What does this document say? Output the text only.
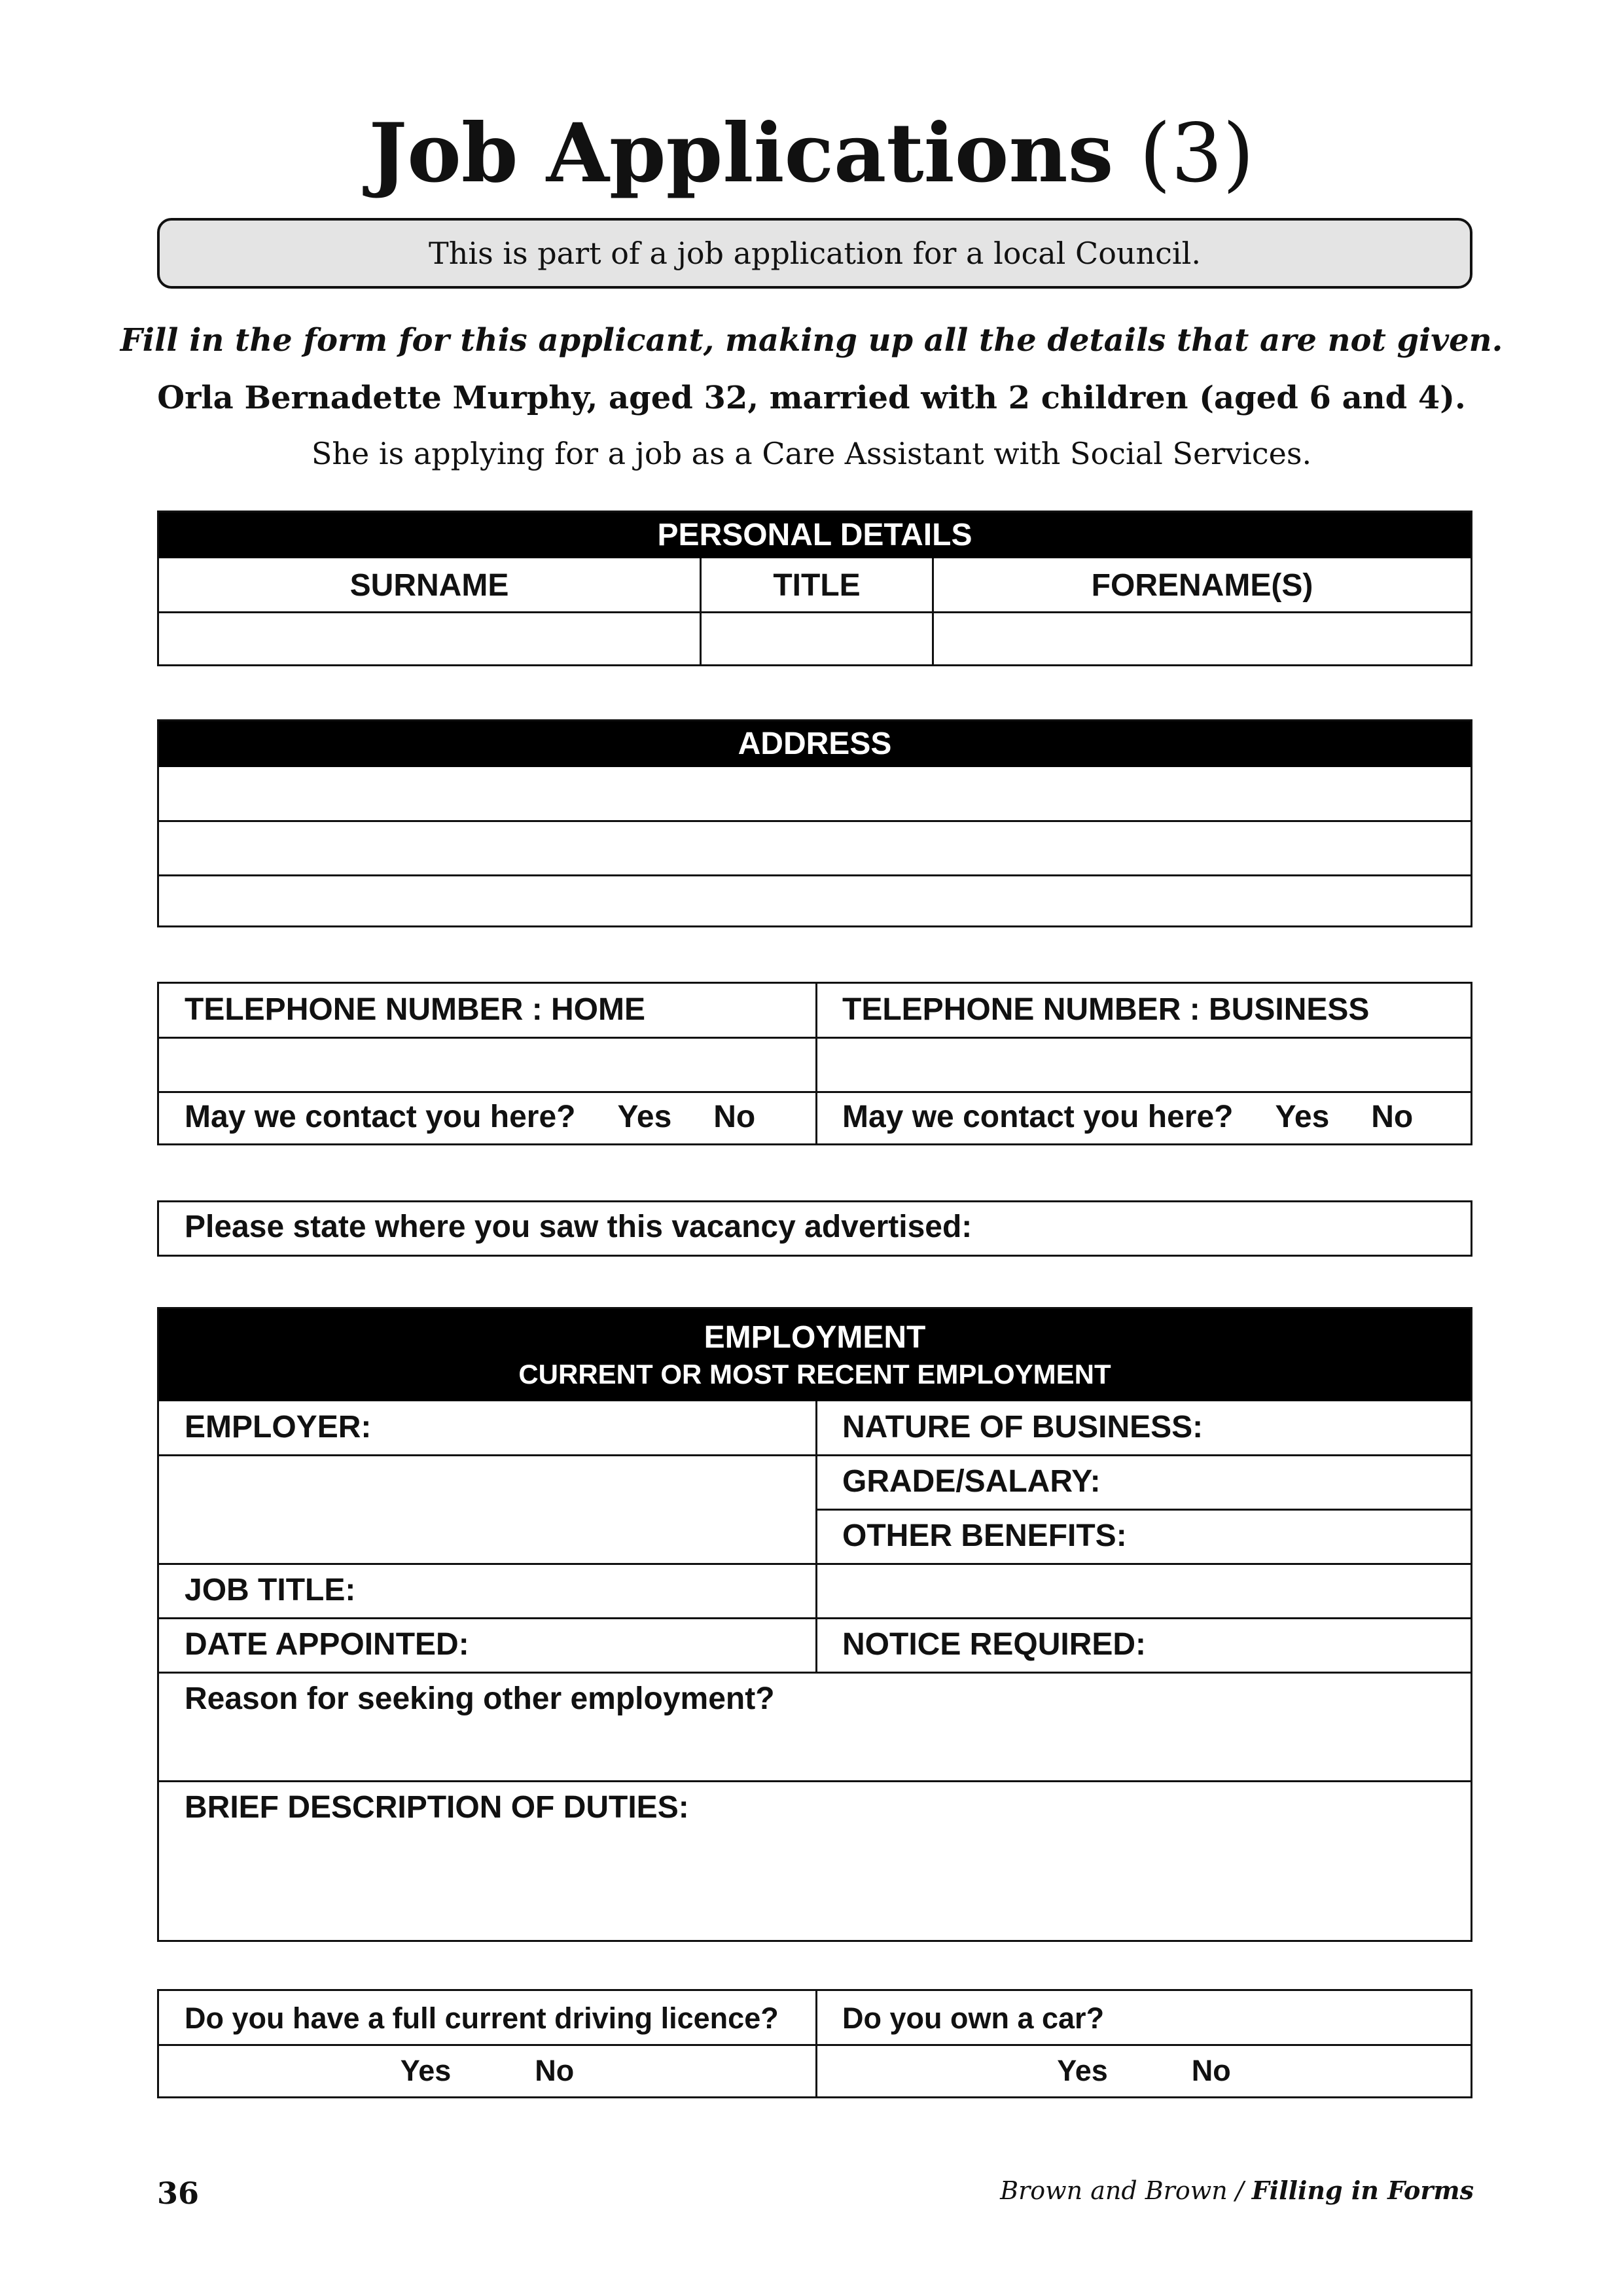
Job Applications (3)
This is part of a job application for a local Council.
Fill in the form for this applicant, making up all the details that are not given.
Orla Bernadette Murphy, aged 32, married with 2 children (aged 6 and 4).
She is applying for a job as a Care Assistant with Social Services.
PERSONAL DETAILS
SURNAME	TITLE	FORENAME(S)
ADDRESS
TELEPHONE NUMBER : HOME	TELEPHONE NUMBER : BUSINESS
May we contact you here? Yes No	May we contact you here? Yes No
Please state where you saw this vacancy advertised:
EMPLOYMENT
CURRENT OR MOST RECENT EMPLOYMENT
EMPLOYER:	NATURE OF BUSINESS:
GRADE/SALARY:
OTHER BENEFITS:
JOB TITLE:
DATE APPOINTED:	NOTICE REQUIRED:
Reason for seeking other employment?
BRIEF DESCRIPTION OF DUTIES:
Do you have a full current driving licence? Do you own a car?
Yes	No	Yes	No
36	Brown and Brown / Filling in Forms
